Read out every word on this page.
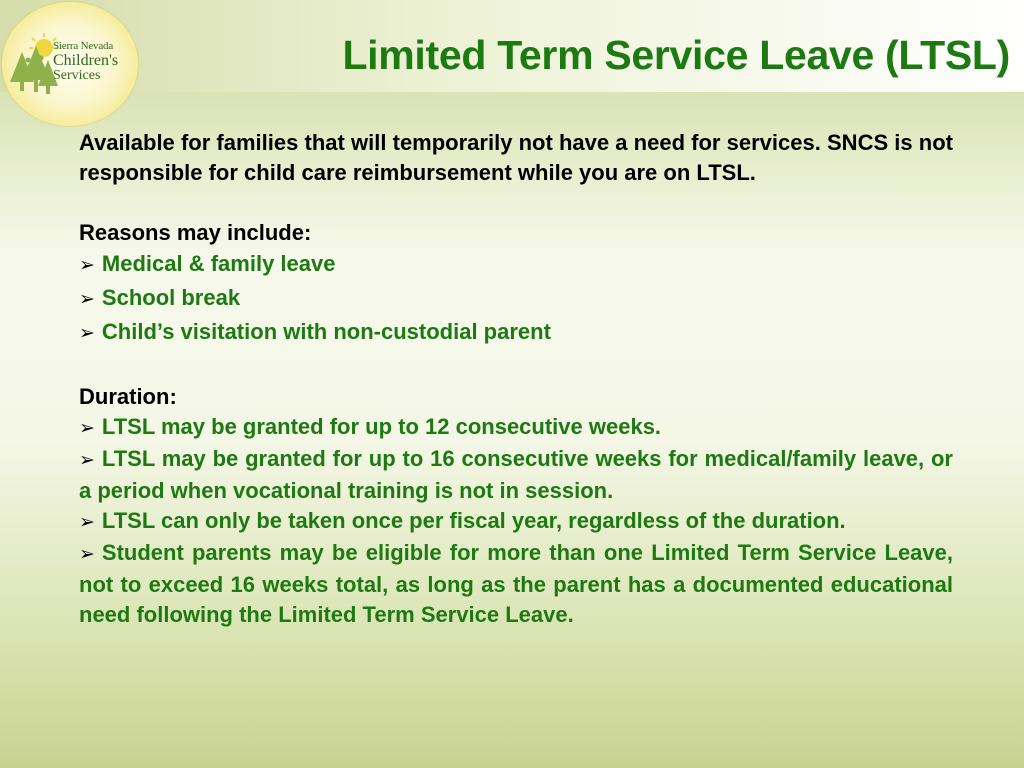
Limited Term Service Leave (LTSL)
Sierra Nevada
Children's
Services

Available for families that will temporarily not have a need for services. SNCS is not responsible for child care reimbursement while you are on LTSL.

Reasons may include:

➢ Medical & family leave
➢ School break
➢ Child’s visitation with non-custodial parent

Duration:

➢ LTSL may be granted for up to 12 consecutive weeks.
➢ LTSL may be granted for up to 16 consecutive weeks for medical/family leave, or a period when vocational training is not in session.
➢ LTSL can only be taken once per fiscal year, regardless of the duration.
➢ Student parents may be eligible for more than one Limited Term Service Leave, not to exceed 16 weeks total, as long as the parent has a documented educational need following the Limited Term Service Leave.
